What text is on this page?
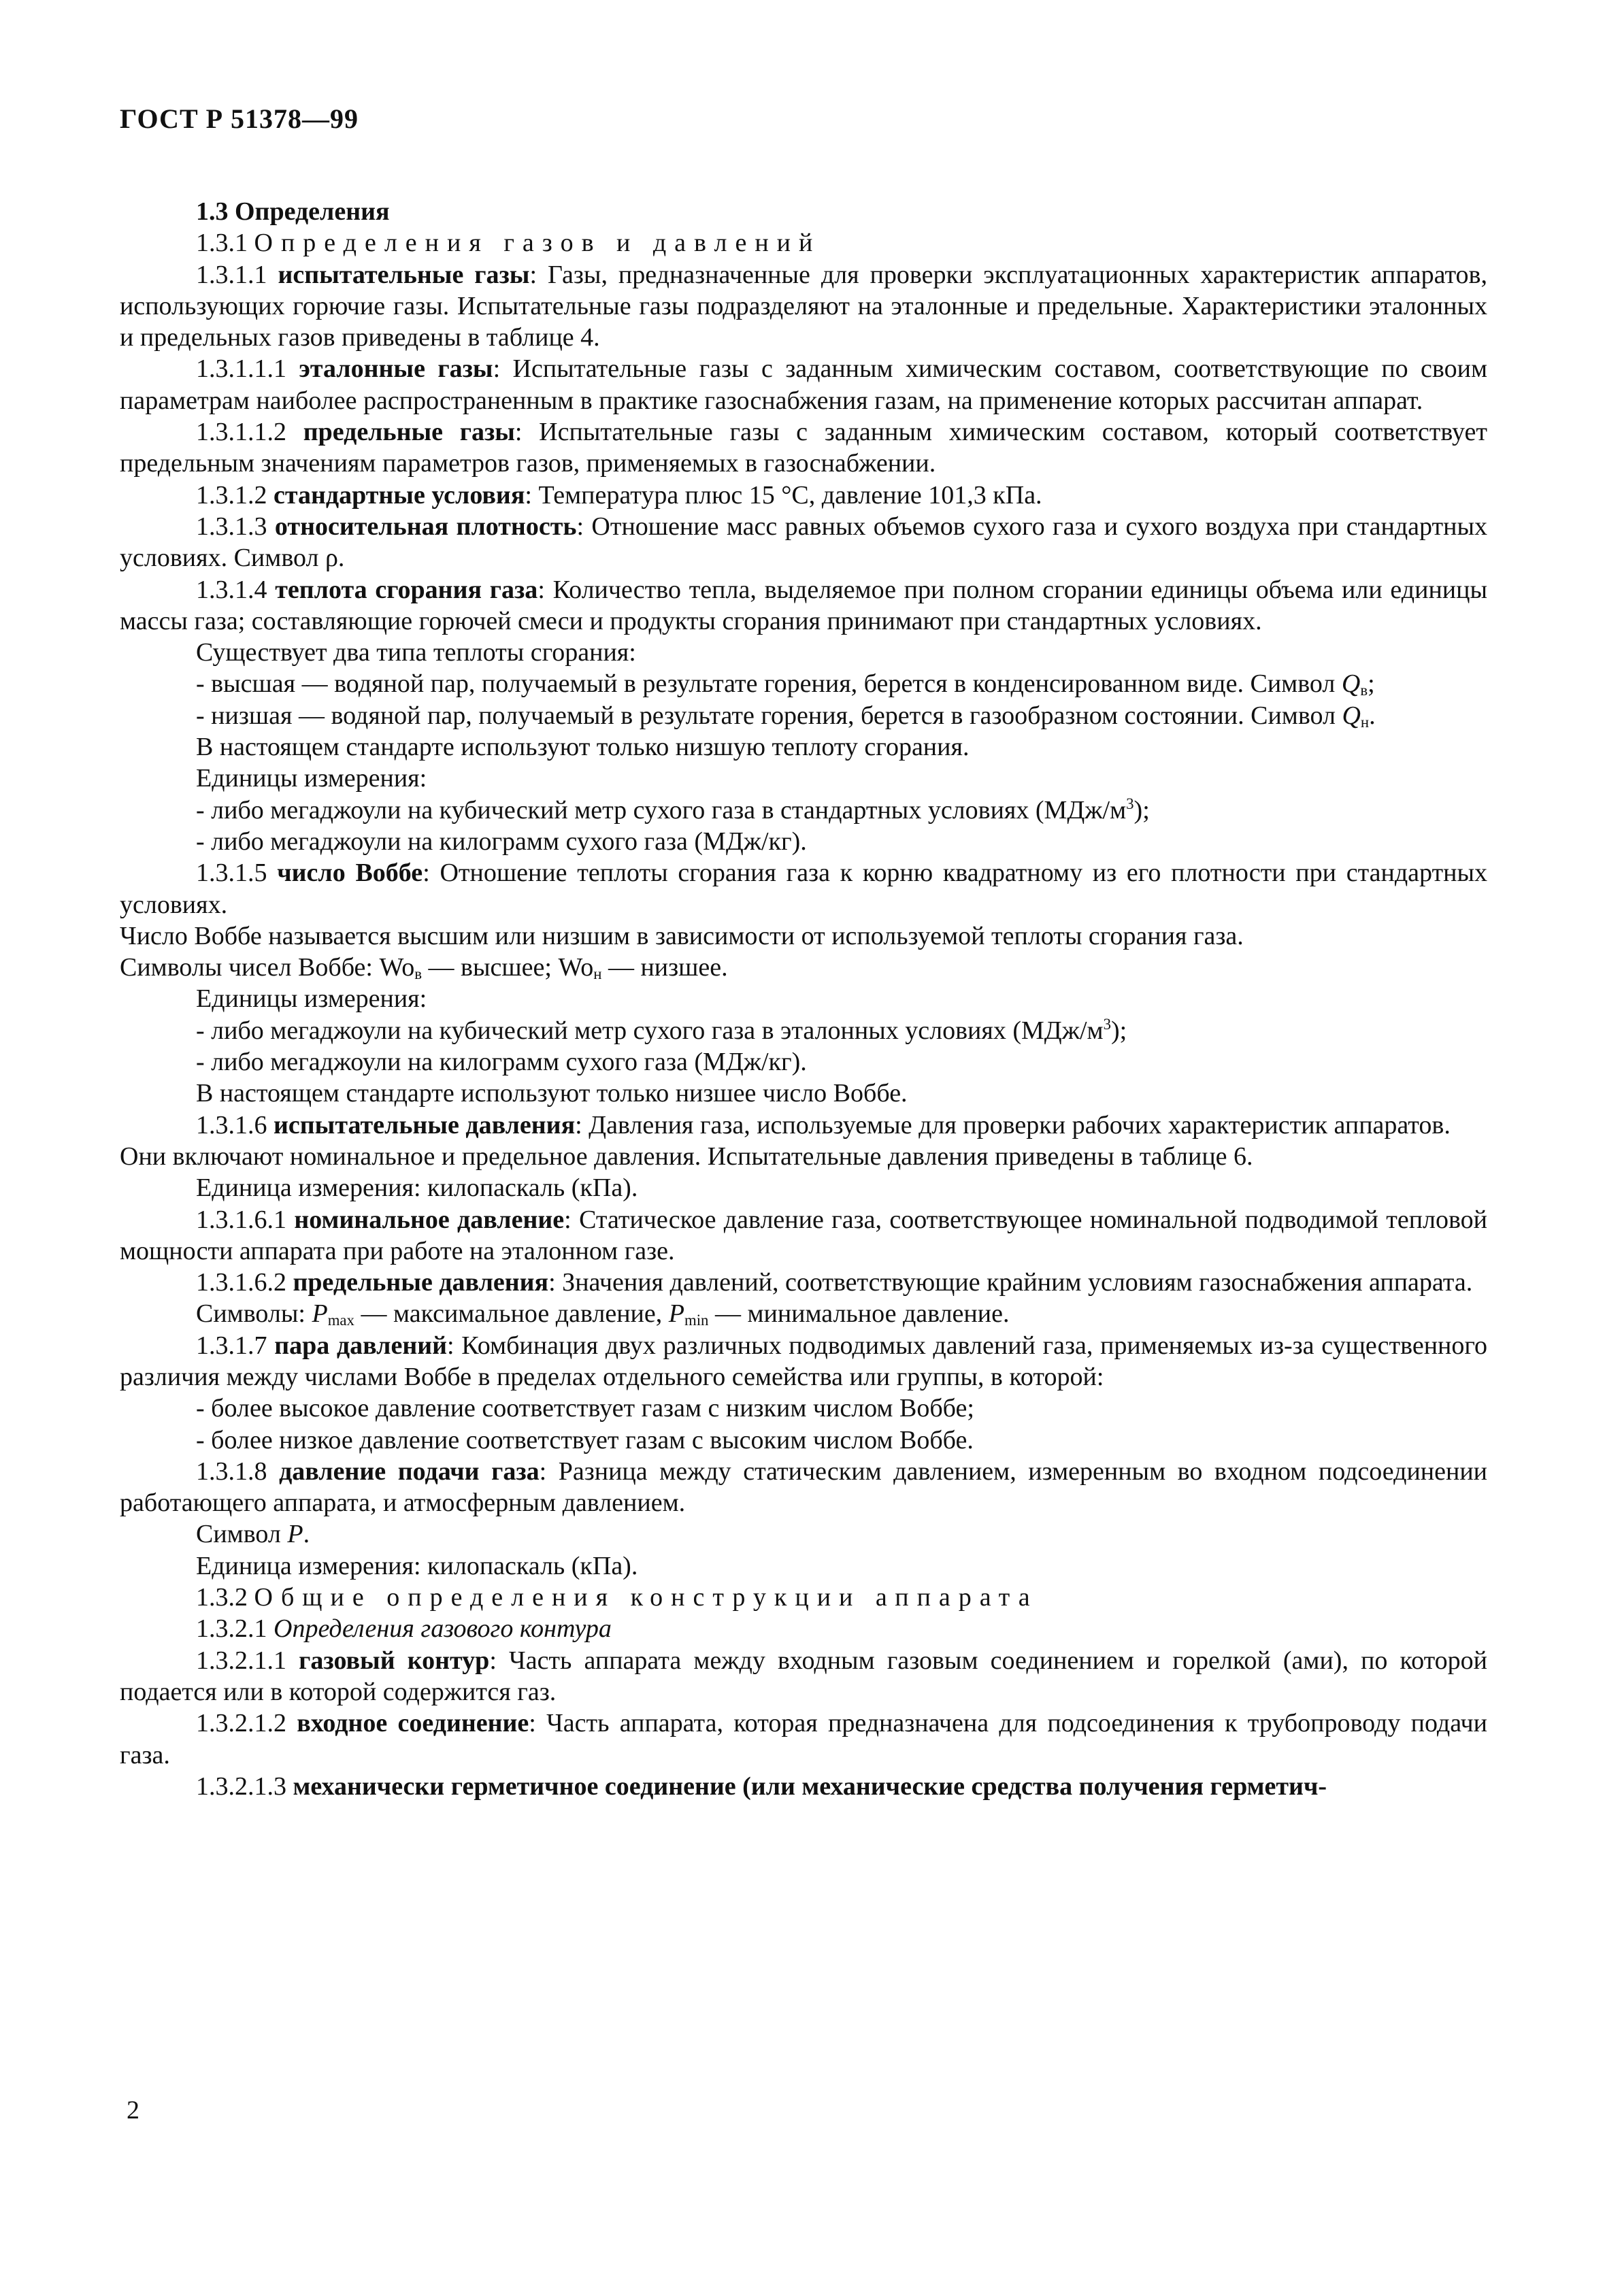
ГОСТ Р 51378—99

1.3 Определения

1.3.1 Определения газов и давлений

1.3.1.1 испытательные газы: Газы, предназначенные для проверки эксплуатационных характеристик аппаратов, использующих горючие газы. Испытательные газы подразделяют на эталонные и предельные. Характеристики эталонных и предельных газов приведены в таблице 4.

1.3.1.1.1 эталонные газы: Испытательные газы с заданным химическим составом, соответствующие по своим параметрам наиболее распространенным в практике газоснабжения газам, на применение которых рассчитан аппарат.

1.3.1.1.2 предельные газы: Испытательные газы с заданным химическим составом, который соответствует предельным значениям параметров газов, применяемых в газоснабжении.

1.3.1.2 стандартные условия: Температура плюс 15 °С, давление 101,3 кПа.

1.3.1.3 относительная плотность: Отношение масс равных объемов сухого газа и сухого воздуха при стандартных условиях. Символ ρ.

1.3.1.4 теплота сгорания газа: Количество тепла, выделяемое при полном сгорании единицы объема или единицы массы газа; составляющие горючей смеси и продукты сгорания принимают при стандартных условиях.

Существует два типа теплоты сгорания:

- высшая — водяной пар, получаемый в результате горения, берется в конденсированном виде. Символ $Q_в$;

- низшая — водяной пар, получаемый в результате горения, берется в газообразном состоянии. Символ $Q_н$.

В настоящем стандарте используют только низшую теплоту сгорания.

Единицы измерения:

- либо мегаджоули на кубический метр сухого газа в стандартных условиях $(МДж/м^3)$;

- либо мегаджоули на килограмм сухого газа (МДж/кг).

1.3.1.5 число Воббе: Отношение теплоты сгорания газа к корню квадратному из его плотности при стандартных условиях.

Число Воббе называется высшим или низшим в зависимости от используемой теплоты сгорания газа.

Символы чисел Воббе: $Wo_в$ — высшее; $Wo_н$ — низшее.

Единицы измерения:

- либо мегаджоули на кубический метр сухого газа в эталонных условиях $(МДж/м^3)$;

- либо мегаджоули на килограмм сухого газа (МДж/кг).

В настоящем стандарте используют только низшее число Воббе.

1.3.1.6 испытательные давления: Давления газа, используемые для проверки рабочих характеристик аппаратов.

Они включают номинальное и предельное давления. Испытательные давления приведены в таблице 6.

Единица измерения: килопаскаль (кПа).

1.3.1.6.1 номинальное давление: Статическое давление газа, соответствующее номинальной подводимой тепловой мощности аппарата при работе на эталонном газе.

1.3.1.6.2 предельные давления: Значения давлений, соответствующие крайним условиям газоснабжения аппарата.

Символы: $P_{max}$ — максимальное давление, $P_{min}$ — минимальное давление.

1.3.1.7 пара давлений: Комбинация двух различных подводимых давлений газа, применяемых из-за существенного различия между числами Воббе в пределах отдельного семейства или группы, в которой:

- более высокое давление соответствует газам с низким числом Воббе;

- более низкое давление соответствует газам с высоким числом Воббе.

1.3.1.8 давление подачи газа: Разница между статическим давлением, измеренным во входном подсоединении работающего аппарата, и атмосферным давлением.

Символ P.

Единица измерения: килопаскаль (кПа).

1.3.2 Общие определения конструкции аппарата

1.3.2.1 Определения газового контура

1.3.2.1.1 газовый контур: Часть аппарата между входным газовым соединением и горелкой (ами), по которой подается или в которой содержится газ.

1.3.2.1.2 входное соединение: Часть аппарата, которая предназначена для подсоединения к трубопроводу подачи газа.

1.3.2.1.3 механически герметичное соединение (или механические средства получения герметич-

2
